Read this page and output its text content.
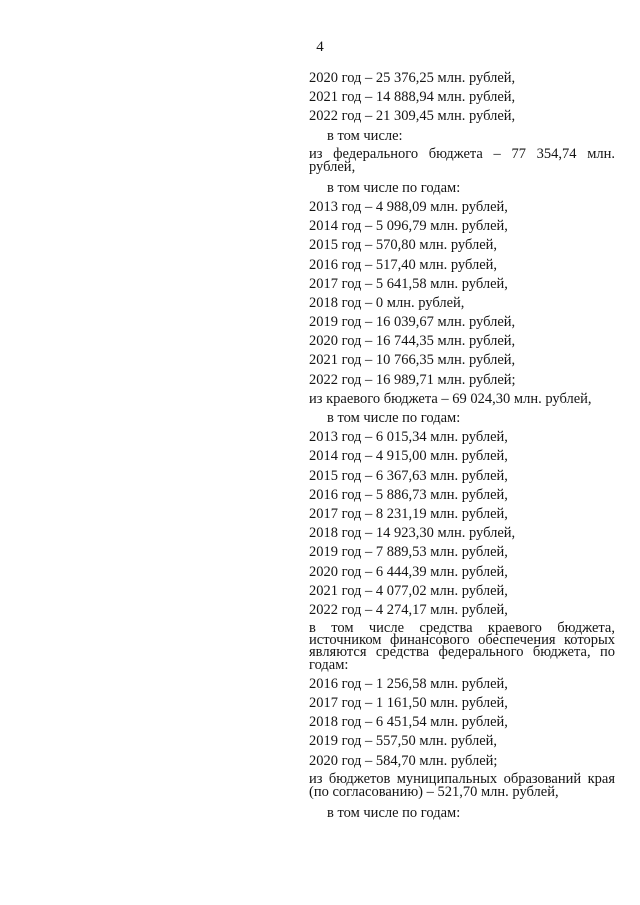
4
2020 год – 25 376,25 млн. рублей,
2021 год – 14 888,94 млн. рублей,
2022 год – 21 309,45 млн. рублей,
в том числе:
из федерального бюджета – 77 354,74 млн. рублей,
в том числе по годам:
2013 год – 4 988,09 млн. рублей,
2014 год – 5 096,79 млн. рублей,
2015 год – 570,80 млн. рублей,
2016 год – 517,40 млн. рублей,
2017 год – 5 641,58 млн. рублей,
2018 год – 0 млн. рублей,
2019 год – 16 039,67 млн. рублей,
2020 год – 16 744,35 млн. рублей,
2021 год – 10 766,35 млн. рублей,
2022 год – 16 989,71 млн. рублей;
из краевого бюджета – 69 024,30 млн. рублей,
в том числе по годам:
2013 год – 6 015,34 млн. рублей,
2014 год – 4 915,00 млн. рублей,
2015 год – 6 367,63 млн. рублей,
2016 год – 5 886,73 млн. рублей,
2017 год – 8 231,19 млн. рублей,
2018 год – 14 923,30 млн. рублей,
2019 год – 7 889,53 млн. рублей,
2020 год – 6 444,39 млн. рублей,
2021 год – 4 077,02 млн. рублей,
2022 год – 4 274,17 млн. рублей,
в том числе средства краевого бюджета, источником финансового обеспечения которых являются средства федерального бюджета, по годам:
2016 год – 1 256,58 млн. рублей,
2017 год – 1 161,50 млн. рублей,
2018 год – 6 451,54 млн. рублей,
2019 год – 557,50 млн. рублей,
2020 год – 584,70 млн. рублей;
из бюджетов муниципальных образований края (по согласованию) – 521,70 млн. рублей,
в том числе по годам:
